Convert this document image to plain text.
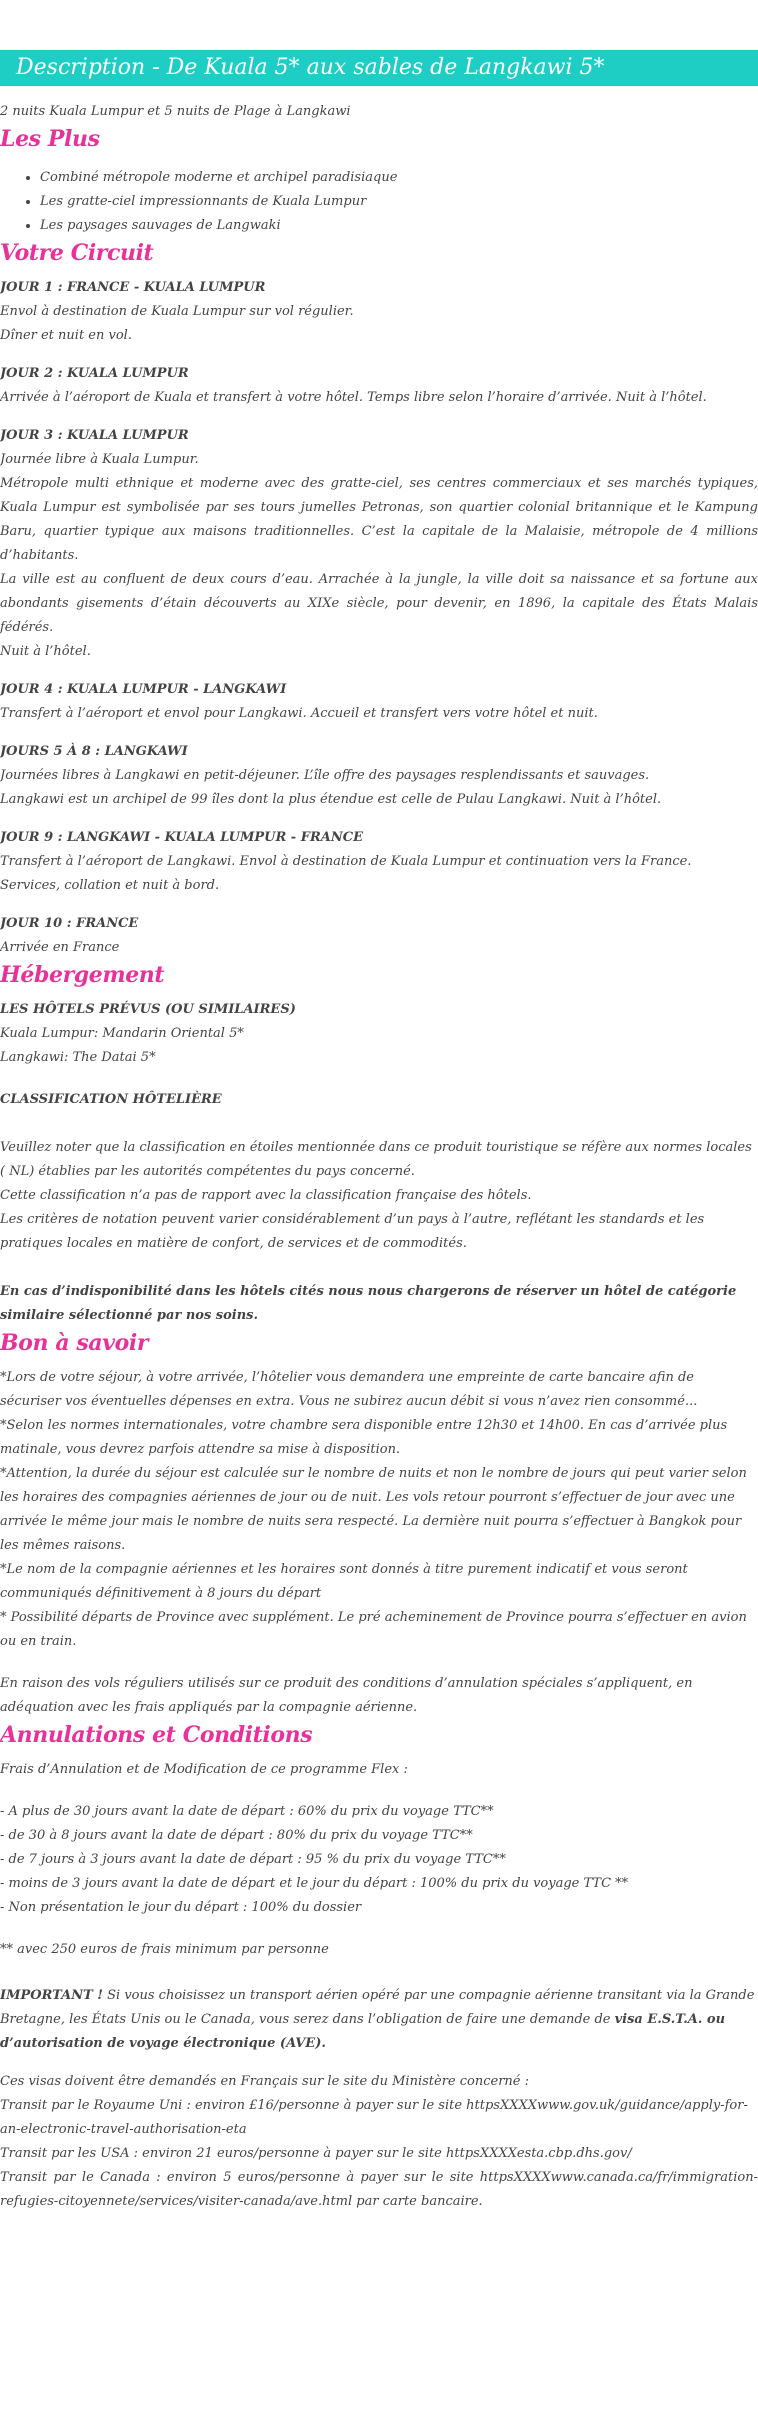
Description - De Kuala 5* aux sables de Langkawi 5*

2 nuits Kuala Lumpur et 5 nuits de Plage à Langkawi

Les Plus
• Combiné métropole moderne et archipel paradisiaque
• Les gratte-ciel impressionnants de Kuala Lumpur
• Les paysages sauvages de Langwaki
Votre Circuit
JOUR 1 : FRANCE - KUALA LUMPUR

Envol à destination de Kuala Lumpur sur vol régulier.

Dîner et nuit en vol.

JOUR 2 : KUALA LUMPUR

Arrivée à l’aéroport de Kuala et transfert à votre hôtel. Temps libre selon l’horaire d’arrivée. Nuit à l’hôtel.

JOUR 3 : KUALA LUMPUR

Journée libre à Kuala Lumpur.

Métropole multi ethnique et moderne avec des gratte-ciel, ses centres commerciaux et ses marchés typiques, Kuala Lumpur est symbolisée par ses tours jumelles Petronas, son quartier colonial britannique et le Kampung Baru, quartier typique aux maisons traditionnelles. C’est la capitale de la Malaisie, métropole de 4 millions d’habitants.

La ville est au confluent de deux cours d’eau. Arrachée à la jungle, la ville doit sa naissance et sa fortune aux abondants gisements d’étain découverts au XIXe siècle, pour devenir, en 1896, la capitale des États Malais fédérés.

Nuit à l’hôtel.

JOUR 4 : KUALA LUMPUR - LANGKAWI

Transfert à l’aéroport et envol pour Langkawi. Accueil et transfert vers votre hôtel et nuit.

JOURS 5 À 8 : LANGKAWI

Journées libres à Langkawi en petit-déjeuner. L’île offre des paysages resplendissants et sauvages.

Langkawi est un archipel de 99 îles dont la plus étendue est celle de Pulau Langkawi. Nuit à l’hôtel.

JOUR 9 : LANGKAWI - KUALA LUMPUR - FRANCE

Transfert à l’aéroport de Langkawi. Envol à destination de Kuala Lumpur et continuation vers la France.

Services, collation et nuit à bord.

JOUR 10 : FRANCE

Arrivée en France

Hébergement
LES HÔTELS PRÉVUS (OU SIMILAIRES)

Kuala Lumpur: Mandarin Oriental 5*

Langkawi: The Datai 5*

CLASSIFICATION HÔTELIÈRE

Veuillez noter que la classification en étoiles mentionnée dans ce produit touristique se réfère aux normes locales ( NL) établies par les autorités compétentes du pays concerné.

Cette classification n’a pas de rapport avec la classification française des hôtels.

Les critères de notation peuvent varier considérablement d’un pays à l’autre, reflétant les standards et les pratiques locales en matière de confort, de services et de commodités.

En cas d’indisponibilité dans les hôtels cités nous nous chargerons de réserver un hôtel de catégorie similaire sélectionné par nos soins.

Bon à savoir

*Lors de votre séjour, à votre arrivée, l’hôtelier vous demandera une empreinte de carte bancaire afin de sécuriser vos éventuelles dépenses en extra. Vous ne subirez aucun débit si vous n’avez rien consommé...

*Selon les normes internationales, votre chambre sera disponible entre 12h30 et 14h00. En cas d’arrivée plus matinale, vous devrez parfois attendre sa mise à disposition.

*Attention, la durée du séjour est calculée sur le nombre de nuits et non le nombre de jours qui peut varier selon les horaires des compagnies aériennes de jour ou de nuit. Les vols retour pourront s’effectuer de jour avec une arrivée le même jour mais le nombre de nuits sera respecté. La dernière nuit pourra s’effectuer à Bangkok pour les mêmes raisons.

*Le nom de la compagnie aériennes et les horaires sont donnés à titre purement indicatif et vous seront communiqués définitivement à 8 jours du départ

* Possibilité départs de Province avec supplément. Le pré acheminement de Province pourra s’effectuer en avion ou en train.

En raison des vols réguliers utilisés sur ce produit des conditions d’annulation spéciales s’appliquent, en adéquation avec les frais appliqués par la compagnie aérienne.

Annulations et Conditions

Frais d’Annulation et de Modification de ce programme Flex :

- A plus de 30 jours avant la date de départ : 60% du prix du voyage TTC**

- de 30 à 8 jours avant la date de départ : 80% du prix du voyage TTC**

- de 7 jours à 3 jours avant la date de départ : 95 % du prix du voyage TTC**

- moins de 3 jours avant la date de départ et le jour du départ : 100% du prix du voyage TTC **

- Non présentation le jour du départ : 100% du dossier

** avec 250 euros de frais minimum par personne

IMPORTANT ! Si vous choisissez un transport aérien opéré par une compagnie aérienne transitant via la Grande Bretagne, les États Unis ou le Canada, vous serez dans l’obligation de faire une demande de visa E.S.T.A. ou d’autorisation de voyage électronique (AVE).

Ces visas doivent être demandés en Français sur le site du Ministère concerné :

Transit par le Royaume Uni : environ £16/personne à payer sur le site httpsXXXXwww.gov.uk/guidance/apply-for-an-electronic-travel-authorisation-eta

Transit par les USA : environ 21 euros/personne à payer sur le site httpsXXXXesta.cbp.dhs.gov/

Transit par le Canada : environ 5 euros/personne à payer sur le site httpsXXXXwww.canada.ca/fr/immigration-refugies-citoyennete/services/visiter-canada/ave.html par carte bancaire.
